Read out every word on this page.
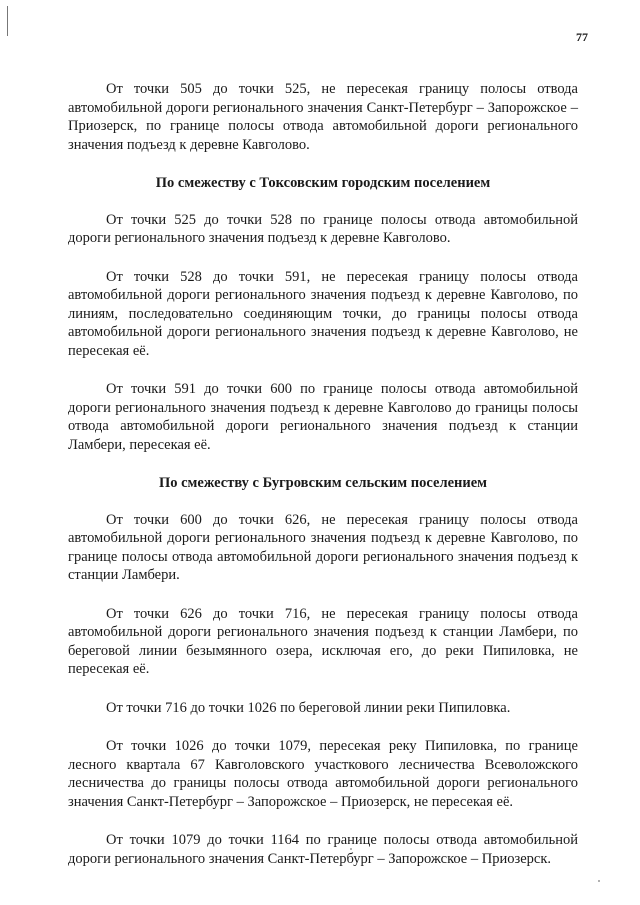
77

От точки 505 до точки 525, не пересекая границу полосы отвода автомобильной дороги регионального значения Санкт-Петербург – Запорожское – Приозерск, по границе полосы отвода автомобильной дороги регионального значения подъезд к деревне Кавголово.

По смежеству с Токсовским городским поселением

От точки 525 до точки 528 по границе полосы отвода автомобильной дороги регионального значения подъезд к деревне Кавголово.

От точки 528 до точки 591, не пересекая границу полосы отвода автомобильной дороги регионального значения подъезд к деревне Кавголово, по линиям, последовательно соединяющим точки, до границы полосы отвода автомобильной дороги регионального значения подъезд к деревне Кавголово, не пересекая её.

От точки 591 до точки 600 по границе полосы отвода автомобильной дороги регионального значения подъезд к деревне Кавголово до границы полосы отвода автомобильной дороги регионального значения подъезд к станции Ламбери, пересекая её.

По смежеству с Бугровским сельским поселением

От точки 600 до точки 626, не пересекая границу полосы отвода автомобильной дороги регионального значения подъезд к деревне Кавголово, по границе полосы отвода автомобильной дороги регионального значения подъезд к станции Ламбери.

От точки 626 до точки 716, не пересекая границу полосы отвода автомобильной дороги регионального значения подъезд к станции Ламбери, по береговой линии безымянного озера, исключая его, до реки Пипиловка, не пересекая её.

От точки 716 до точки 1026 по береговой линии реки Пипиловка.

От точки 1026 до точки 1079, пересекая реку Пипиловка, по границе лесного квартала 67 Кавголовского участкового лесничества Всеволожского лесничества до границы полосы отвода автомобильной дороги регионального значения Санкт-Петербург – Запорожское – Приозерск, не пересекая её.

От точки 1079 до точки 1164 по границе полосы отвода автомобильной дороги регионального значения Санкт-Петербург – Запорожское – Приозерск.
